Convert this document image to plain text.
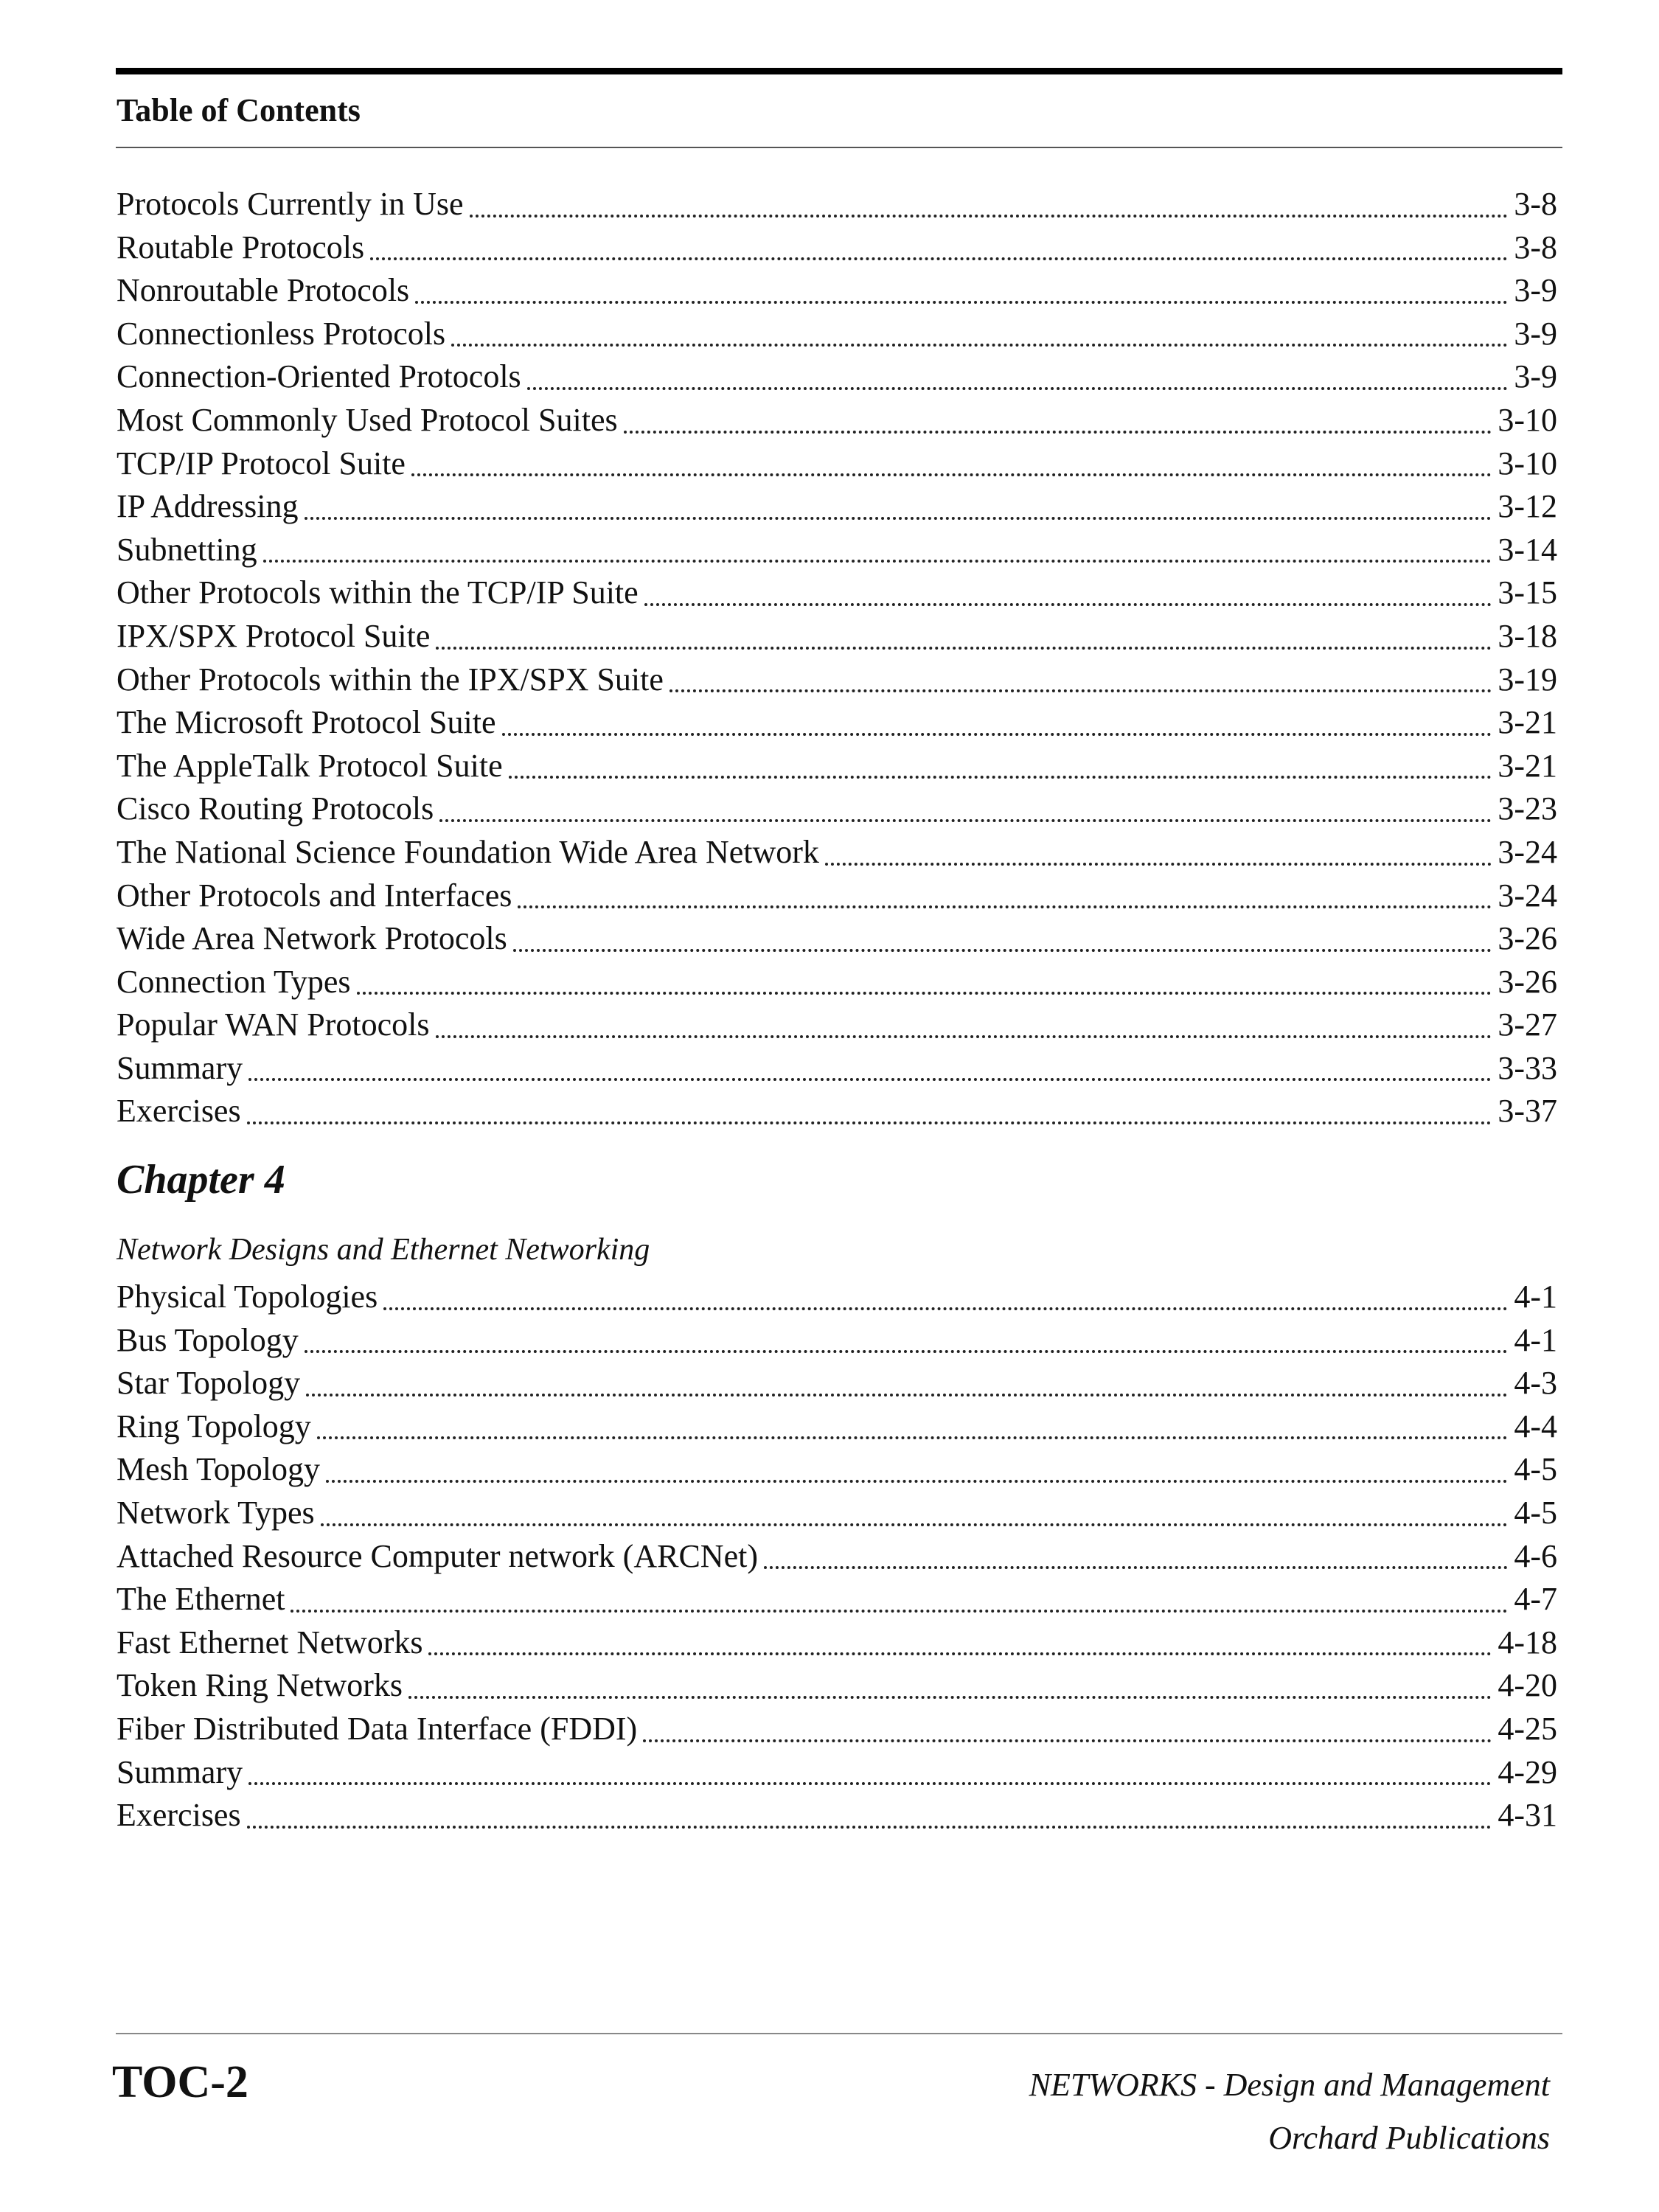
Table of Contents
Protocols Currently in Use	3-8
Routable Protocols	3-8
Nonroutable Protocols	3-9
Connectionless Protocols	3-9
Connection-Oriented Protocols	3-9
Most Commonly Used Protocol Suites	3-10
TCP/IP Protocol Suite	3-10
IP Addressing	3-12
Subnetting	3-14
Other Protocols within the TCP/IP Suite	3-15
IPX/SPX Protocol Suite	3-18
Other Protocols within the IPX/SPX Suite	3-19
The Microsoft Protocol Suite	3-21
The AppleTalk Protocol Suite	3-21
Cisco Routing Protocols	3-23
The National Science Foundation Wide Area Network	3-24
Other Protocols and Interfaces	3-24
Wide Area Network Protocols	3-26
Connection Types	3-26
Popular WAN Protocols	3-27
Summary	3-33
Exercises	3-37
Chapter 4
Network Designs and Ethernet Networking
Physical Topologies	4-1
Bus Topology	4-1
Star Topology	4-3
Ring Topology	4-4
Mesh Topology	4-5
Network Types	4-5
Attached Resource Computer network (ARCNet)	4-6
The Ethernet	4-7
Fast Ethernet Networks	4-18
Token Ring Networks	4-20
Fiber Distributed Data Interface (FDDI)	4-25
Summary	4-29
Exercises	4-31
TOC-2	NETWORKS - Design and Management
Orchard Publications
